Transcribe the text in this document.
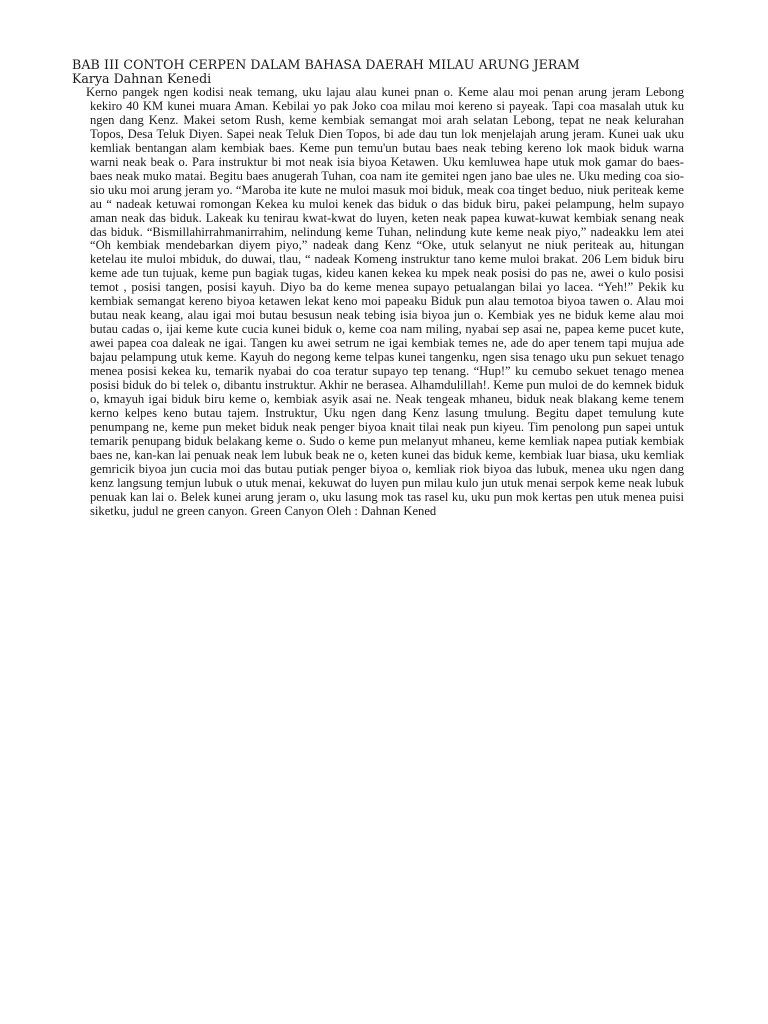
BAB III CONTOH CERPEN DALAM BAHASA DAERAH MILAU ARUNG JERAM
Karya Dahnan Kenedi

Kerno pangek ngen kodisi neak temang, uku lajau alau kunei pnan o. Keme alau moi penan arung jeram Lebong kekiro 40 KM kunei muara Aman. Kebilai yo pak Joko coa milau moi kereno si payeak. Tapi coa masalah utuk ku ngen dang Kenz. Makei setom Rush, keme kembiak semangat moi arah selatan Lebong, tepat ne neak kelurahan Topos, Desa Teluk Diyen. Sapei neak Teluk Dien Topos, bi ade dau tun lok menjelajah arung jeram. Kunei uak uku kemliak bentangan alam kembiak baes. Keme pun temu'un butau baes neak tebing kereno lok maok biduk warna warni neak beak o. Para instruktur bi mot neak isia biyoa Ketawen. Uku kemluwea hape utuk mok gamar do baes-baes neak muko matai. Begitu baes anugerah Tuhan, coa nam ite gemitei ngen jano bae ules ne. Uku meding coa sio-sio uku moi arung jeram yo. “Maroba ite kute ne muloi masuk moi biduk, meak coa tinget beduo, niuk periteak keme au “ nadeak ketuwai romongan Kekea ku muloi kenek das biduk o das biduk biru, pakei pelampung, helm supayo aman neak das biduk. Lakeak ku tenirau kwat-kwat do luyen, keten neak papea kuwat-kuwat kembiak senang neak das biduk. “Bismillahirrahmanirrahim, nelindung keme Tuhan, nelindung kute keme neak piyo,” nadeakku lem atei “Oh kembiak mendebarkan diyem piyo,” nadeak dang Kenz “Oke, utuk selanyut ne niuk periteak au, hitungan ketelau ite muloi mbiduk, do duwai, tlau, “ nadeak Komeng instruktur tano keme muloi brakat. 206 Lem biduk biru keme ade tun tujuak, keme pun bagiak tugas, kideu kanen kekea ku mpek neak posisi do pas ne, awei o kulo posisi temot , posisi tangen, posisi kayuh. Diyo ba do keme menea supayo petualangan bilai yo lacea. “Yeh!” Pekik ku kembiak semangat kereno biyoa ketawen lekat keno moi papeaku Biduk pun alau temotoa biyoa tawen o. Alau moi butau neak keang, alau igai moi butau besusun neak tebing isia biyoa jun o. Kembiak yes ne biduk keme alau moi butau cadas o, ijai keme kute cucia kunei biduk o, keme coa nam miling, nyabai sep asai ne, papea keme pucet kute, awei papea coa daleak ne igai. Tangen ku awei setrum ne igai kembiak temes ne, ade do aper tenem tapi mujua ade bajau pelampung utuk keme. Kayuh do negong keme telpas kunei tangenku, ngen sisa tenago uku pun sekuet tenago menea posisi kekea ku, temarik nyabai do coa teratur supayo tep tenang. “Hup!” ku cemubo sekuet tenago menea posisi biduk do bi telek o, dibantu instruktur. Akhir ne berasea. Alhamdulillah!. Keme pun muloi de do kemnek biduk o, kmayuh igai biduk biru keme o, kembiak asyik asai ne. Neak tengeak mhaneu, biduk neak blakang keme tenem kerno kelpes keno butau tajem. Instruktur, Uku ngen dang Kenz lasung tmulung. Begitu dapet temulung kute penumpang ne, keme pun meket biduk neak penger biyoa knait tilai neak pun kiyeu. Tim penolong pun sapei untuk temarik penupang biduk belakang keme o. Sudo o keme pun melanyut mhaneu, keme kemliak napea putiak kembiak baes ne, kan-kan lai penuak neak lem lubuk beak ne o, keten kunei das biduk keme, kembiak luar biasa, uku kemliak gemricik biyoa jun cucia moi das butau putiak penger biyoa o, kemliak riok biyoa das lubuk, menea uku ngen dang kenz langsung temjun lubuk o utuk menai, kekuwat do luyen pun milau kulo jun utuk menai serpok keme neak lubuk penuak kan lai o. Belek kunei arung jeram o, uku lasung mok tas rasel ku, uku pun mok kertas pen utuk menea puisi siketku, judul ne green canyon. Green Canyon Oleh : Dahnan Kened
